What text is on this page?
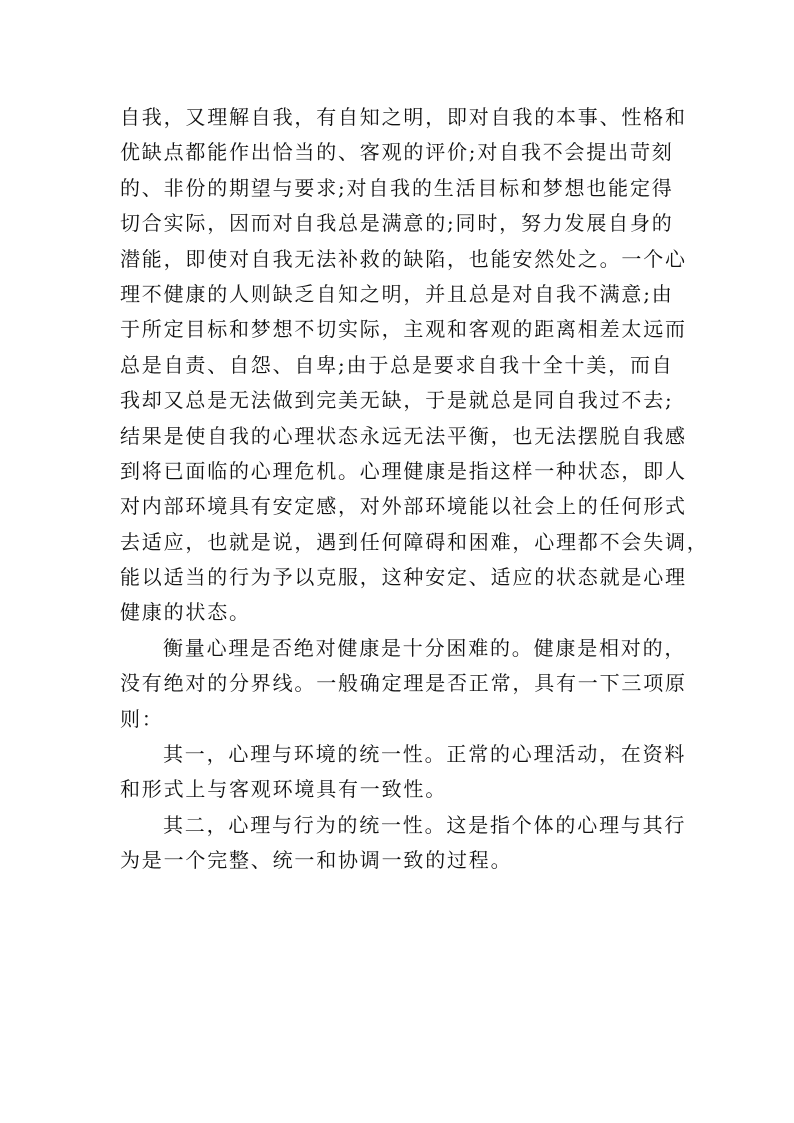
自我，又理解自我，有自知之明，即对自我的本事、性格和
优缺点都能作出恰当的、客观的评价;对自我不会提出苛刻
的、非份的期望与要求;对自我的生活目标和梦想也能定得
切合实际，因而对自我总是满意的;同时，努力发展自身的
潜能，即使对自我无法补救的缺陷，也能安然处之。一个心
理不健康的人则缺乏自知之明，并且总是对自我不满意;由
于所定目标和梦想不切实际，主观和客观的距离相差太远而
总是自责、自怨、自卑;由于总是要求自我十全十美，而自
我却又总是无法做到完美无缺，于是就总是同自我过不去;
结果是使自我的心理状态永远无法平衡，也无法摆脱自我感
到将已面临的心理危机。心理健康是指这样一种状态，即人
对内部环境具有安定感，对外部环境能以社会上的任何形式
去适应，也就是说，遇到任何障碍和困难，心理都不会失调，
能以适当的行为予以克服，这种安定、适应的状态就是心理
健康的状态。
衡量心理是否绝对健康是十分困难的。健康是相对的，
没有绝对的分界线。一般确定理是否正常，具有一下三项原
则：
其一，心理与环境的统一性。正常的心理活动，在资料
和形式上与客观环境具有一致性。
其二，心理与行为的统一性。这是指个体的心理与其行
为是一个完整、统一和协调一致的过程。
